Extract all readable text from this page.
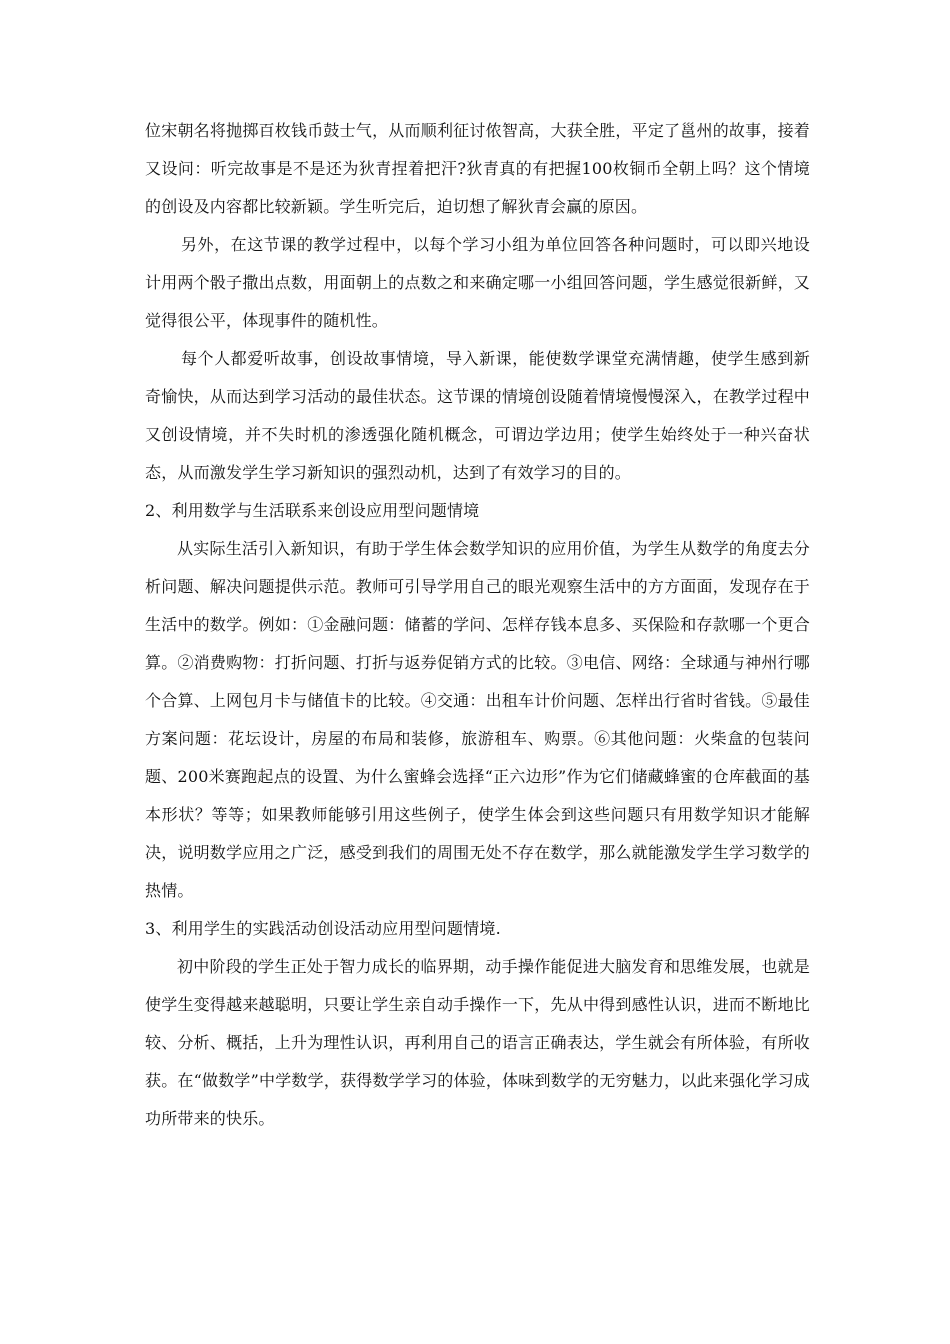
位宋朝名将抛掷百枚钱币鼓士气，从而顺利征讨侬智高，大获全胜，平定了邕州的故事，接着又设问：听完故事是不是还为狄青捏着把汗?狄青真的有把握100枚铜币全朝上吗？这个情境的创设及内容都比较新颖。学生听完后，迫切想了解狄青会赢的原因。

另外，在这节课的教学过程中，以每个学习小组为单位回答各种问题时，可以即兴地设计用两个骰子撒出点数，用面朝上的点数之和来确定哪一小组回答问题，学生感觉很新鲜，又觉得很公平，体现事件的随机性。

每个人都爱听故事，创设故事情境，导入新课，能使数学课堂充满情趣，使学生感到新奇愉快，从而达到学习活动的最佳状态。这节课的情境创设随着情境慢慢深入，在教学过程中又创设情境，并不失时机的渗透强化随机概念，可谓边学边用；使学生始终处于一种兴奋状态，从而激发学生学习新知识的强烈动机，达到了有效学习的目的。

2、利用数学与生活联系来创设应用型问题情境

从实际生活引入新知识，有助于学生体会数学知识的应用价值，为学生从数学的角度去分析问题、解决问题提供示范。教师可引导学用自己的眼光观察生活中的方方面面，发现存在于生活中的数学。例如：①金融问题：储蓄的学问、怎样存钱本息多、买保险和存款哪一个更合算。②消费购物：打折问题、打折与返券促销方式的比较。③电信、网络：全球通与神州行哪个合算、上网包月卡与储值卡的比较。④交通：出租车计价问题、怎样出行省时省钱。⑤最佳方案问题：花坛设计，房屋的布局和装修，旅游租车、购票。⑥其他问题：火柴盒的包装问题、200米赛跑起点的设置、为什么蜜蜂会选择“正六边形”作为它们储藏蜂蜜的仓库截面的基本形状？等等；如果教师能够引用这些例子，使学生体会到这些问题只有用数学知识才能解决，说明数学应用之广泛，感受到我们的周围无处不存在数学，那么就能激发学生学习数学的热情。

3、利用学生的实践活动创设活动应用型问题情境.

初中阶段的学生正处于智力成长的临界期，动手操作能促进大脑发育和思维发展，也就是使学生变得越来越聪明，只要让学生亲自动手操作一下，先从中得到感性认识，进而不断地比较、分析、概括，上升为理性认识，再利用自己的语言正确表达，学生就会有所体验，有所收获。在“做数学”中学数学，获得数学学习的体验，体味到数学的无穷魅力，以此来强化学习成功所带来的快乐。
